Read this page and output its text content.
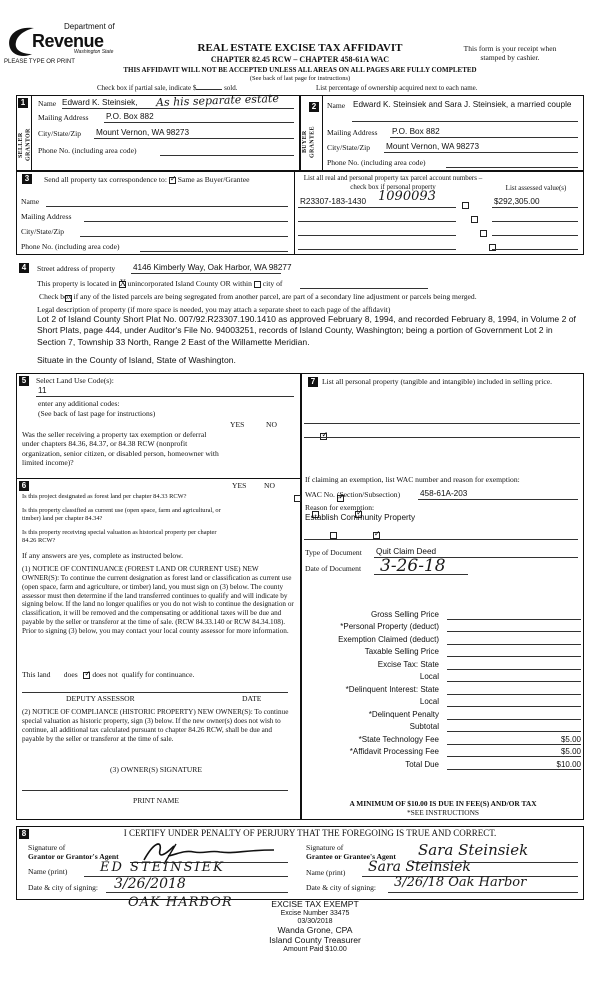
Department of
Revenue
Washington State
PLEASE TYPE OR PRINT
REAL ESTATE EXCISE TAX AFFIDAVIT
CHAPTER 82.45 RCW – CHAPTER 458-61A WAC
THIS AFFIDAVIT WILL NOT BE ACCEPTED UNLESS ALL AREAS ON ALL PAGES ARE FULLY COMPLETED
(See back of last page for instructions)
This form is your receipt when stamped by cashier.
Check box if partial sale, indicate $	sold.	List percentage of ownership acquired next to each name.
1
SELLER GRANTOR
Name Edward K. Steinsiek, As his separate estate
Mailing Address P.O. Box 882
City/State/Zip Mount Vernon, WA 98273
Phone No. (including area code)
2
BUYER GRANTEE
Name Edward K. Steinsiek and Sara J. Steinsiek, a married couple
Mailing Address P.O. Box 882
City/State/Zip Mount Vernon, WA 98273
Phone No. (including area code)
3	Send all property tax correspondence to: ✓ Same as Buyer/Grantee
Name
Mailing Address
City/State/Zip
Phone No. (including area code)
List all real and personal property tax parcel account numbers – check box if personal property	List assessed value(s)
R23307-183-1430 1090093	$292,305.00

4	Street address of property 4146 Kimberly Way, Oak Harbor, WA 98277
This property is located in X unincorporated Island County OR within city of

Check box if any of the listed parcels are being segregated from another parcel, are part of a secondary line adjustment or parcels being merged.
Legal description of property (if more space is needed, you may attach a separate sheet to each page of the affidavit)
Lot 2 of Island County Short Plat No. 007/92.R23307.190.1410 as approved February 8, 1994, and recorded February 8, 1994, in Volume 2 of Short Plats, page 444, under Auditor's File No. 94003251, records of Island County, Washington; being a portion of Government Lot 2 in Section 7, Township 33 North, Range 2 East of the Willamette Meridian.
Situate in the County of Island, State of Washington.
5	Select Land Use Code(s):
11
enter any additional codes:
(See back of last page for instructions)
YES	NO
Was the seller receiving a property tax exemption or deferral under chapters 84.36, 84.37, or 84.38 RCW (nonprofit organization, senior citizen, or disabled person, homeowner with limited income)?
✓
6	YES NO
Is this project designated as forest land per chapter 84.33 RCW?
✓
Is this property classified as current use (open space, farm and agricultural, or timber) land per chapter 84.34?
✓
Is this property receiving special valuation as historical property per chapter 84.26 RCW?
✓
If any answers are yes, complete as instructed below.
(1) NOTICE OF CONTINUANCE (FOREST LAND OR CURRENT USE) NEW OWNER(S): To continue the current designation as forest land or classification as current use (open space, farm and agriculture, or timber) land, you must sign on (3) below. The county assessor must then determine if the land transferred continues to qualify and will indicate by signing below. If the land no longer qualifies or you do not wish to continue the designation or classification, it will be removed and the compensating or additional taxes will be due and payable by the seller or transferor at the time of sale. (RCW 84.33.140 or RCW 84.34.108). Prior to signing (3) below, you may contact your local county assessor for more information.
This land does ✓ does not qualify for continuance.
DEPUTY ASSESSOR	DATE
(2) NOTICE OF COMPLIANCE (HISTORIC PROPERTY) NEW OWNER(S): To continue special valuation as historic property, sign (3) below. If the new owner(s) does not wish to continue, all additional tax calculated pursuant to chapter 84.26 RCW, shall be due and payable by the seller or transferor at the time of sale.
(3) OWNER(S) SIGNATURE
PRINT NAME
7 List all personal property (tangible and intangible) included in selling price.
If claiming an exemption, list WAC number and reason for exemption:
WAC No. (Section/Subsection) 458-61A-203
Reason for exemption:
Establish Community Property
Type of Document Quit Claim Deed
Date of Document 3-26-18
Gross Selling Price
*Personal Property (deduct)
Exemption Claimed (deduct)
Taxable Selling Price
Excise Tax: State
Local
*Delinquent Interest: State
Local
*Delinquent Penalty
Subtotal
*State Technology Fee	$5.00
*Affidavit Processing Fee	$5.00
Total Due	$10.00
A MINIMUM OF $10.00 IS DUE IN FEE(S) AND/OR TAX
*SEE INSTRUCTIONS
8	I CERTIFY UNDER PENALTY OF PERJURY THAT THE FOREGOING IS TRUE AND CORRECT.
Signature of
Grantor or Grantor's Agent
Name (print)	ED STEINSIEK
Date & city of signing: 3/26/2018
OAK HARBOR
Signature of
Grantee or Grantee's Agent Sara Steinsiek
Name (print) Sara Steinsiek
Date & city of signing: 3/26/18 Oak Harbor
EXCISE TAX EXEMPT
Excise Number 33475
03/30/2018
Wanda Grone, CPA
Island County Treasurer
Amount Paid $10.00
